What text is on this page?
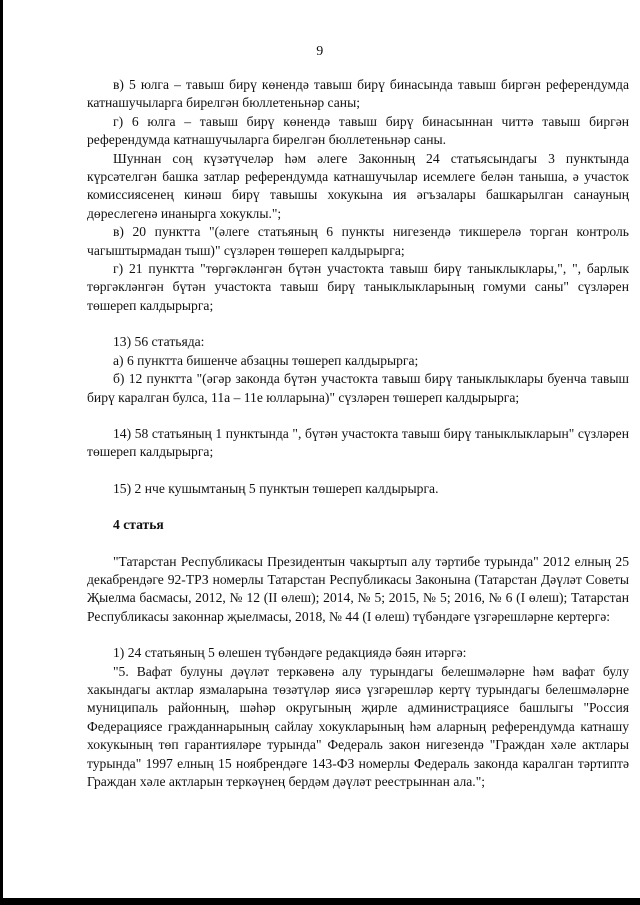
9

в) 5 юлга – тавыш бирү көнендә тавыш бирү бинасында тавыш биргән референдумда катнашучыларга бирелгән бюллетеньнәр саны;

г) 6 юлга – тавыш бирү көнендә тавыш бирү бинасыннан читтә тавыш биргән референдумда катнашучыларга бирелгән бюллетеньнәр саны.

Шуннан соң күзәтүчеләр һәм әлеге Законның 24 статьясындагы 3 пунктында күрсәтелгән башка затлар референдумда катнашучылар исемлеге белән таныша, ә участок комиссиясенең кинәш бирү тавышы хокукына ия әгъзалары башкарылган санауның дөреслегенә инанырга хокуклы.";

в) 20 пунктта "(әлеге статьяның 6 пункты нигезендә тикшерелә торган контроль чагыштырмадан тыш)" сүзләрен төшереп калдырырга;

г) 21 пунктта "төргәкләнгән бүтән участокта тавыш бирү таныклыклары,", ", барлык төргәкләнгән бүтән участокта тавыш бирү таныклыкларының гомуми саны" сүзләрен төшереп калдырырга;

13) 56 статьяда:

а) 6 пунктта бишенче абзацны төшереп калдырырга;

б) 12 пунктта "(әгәр законда бүтән участокта тавыш бирү таныклыклары буенча тавыш бирү каралган булса, 11а – 11е юлларына)" сүзләрен төшереп калдырырга;

14) 58 статьяның 1 пунктында ", бүтән участокта тавыш бирү таныклыкларын" сүзләрен төшереп калдырырга;

15) 2 нче кушымтаның 5 пунктын төшереп калдырырга.

4 статья

"Татарстан Республикасы Президентын чакыртып алу тәртибе турында" 2012 елның 25 декабрендәге 92-ТРЗ номерлы Татарстан Республикасы Законына (Татарстан Дәүләт Советы Җыелма басмасы, 2012, № 12 (II өлеш); 2014, № 5; 2015, № 5; 2016, № 6 (I өлеш); Татарстан Республикасы законнар җыелмасы, 2018, № 44 (I өлеш) түбәндәге үзгәрешләрне кертергә:

1) 24 статьяның 5 өлешен түбәндәге редакциядә бәян итәргә:

"5. Вафат булуны дәүләт теркәвенә алу турындагы белешмәләрне һәм вафат булу хакындагы актлар язмаларына төзәтүләр яисә үзгәрешләр кертү турындагы белешмәләрне муниципаль районның, шәһәр округының җирле администрациясе башлыгы "Россия Федерациясе гражданнарының сайлау хокукларының һәм аларның референдумда катнашу хокукының төп гарантияләре турында" Федераль закон нигезендә "Граждан хәле актлары турында" 1997 елның 15 ноябрендәге 143-ФЗ номерлы Федераль законда каралган тәртиптә Граждан хәле актларын теркәүнең бердәм дәүләт реестрыннан ала.";
